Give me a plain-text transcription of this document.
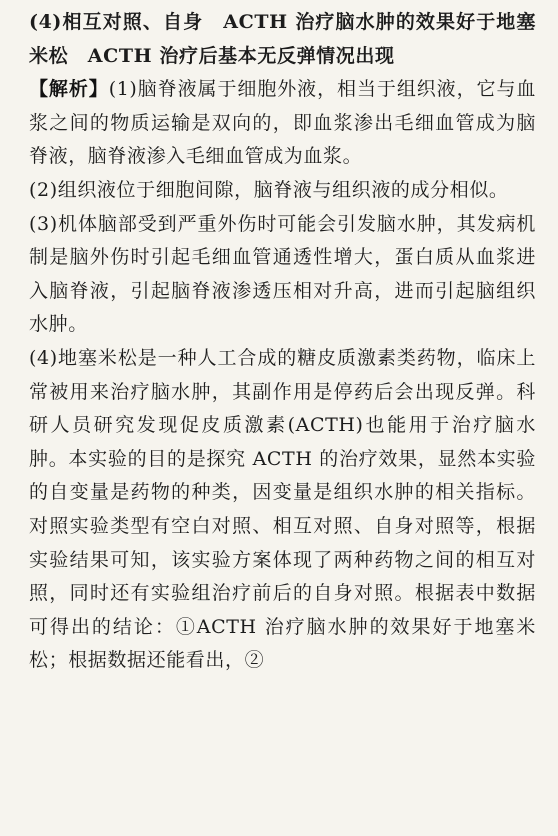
(4)相互对照、自身　ACTH 治疗脑水肿的效果好于地塞米松　ACTH 治疗后基本无反弹情况出现

【解析】(1)脑脊液属于细胞外液，相当于组织液，它与血浆之间的物质运输是双向的，即血浆渗出毛细血管成为脑脊液，脑脊液渗入毛细血管成为血浆。

(2)组织液位于细胞间隙，脑脊液与组织液的成分相似。

(3)机体脑部受到严重外伤时可能会引发脑水肿，其发病机制是脑外伤时引起毛细血管通透性增大，蛋白质从血浆进入脑脊液，引起脑脊液渗透压相对升高，进而引起脑组织水肿。

(4)地塞米松是一种人工合成的糖皮质激素类药物，临床上常被用来治疗脑水肿，其副作用是停药后会出现反弹。科研人员研究发现促皮质激素(ACTH)也能用于治疗脑水肿。本实验的目的是探究 ACTH 的治疗效果，显然本实验的自变量是药物的种类，因变量是组织水肿的相关指标。对照实验类型有空白对照、相互对照、自身对照等，根据实验结果可知，该实验方案体现了两种药物之间的相互对照，同时还有实验组治疗前后的自身对照。根据表中数据可得出的结论：①ACTH 治疗脑水肿的效果好于地塞米松；根据数据还能看出，②
